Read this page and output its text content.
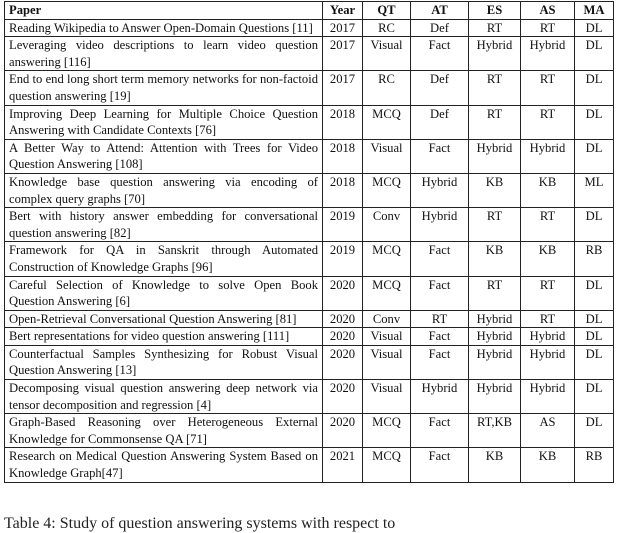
Paper	Year	QT	AT	ES	AS	MA
Reading Wikipedia to Answer Open-Domain Questions [11]	2017	RC	Def	RT	RT	DL
Leveraging video descriptions to learn video question answering [116]	2017	Visual	Fact	Hybrid	Hybrid	DL
End to end long short term memory networks for non-factoid question answering [19]	2017	RC	Def	RT	RT	DL
Improving Deep Learning for Multiple Choice Question Answering with Candidate Contexts [76]	2018	MCQ	Def	RT	RT	DL
A Better Way to Attend: Attention with Trees for Video Question Answering [108]	2018	Visual	Fact	Hybrid	Hybrid	DL
Knowledge base question answering via encoding of complex query graphs [70]	2018	MCQ	Hybrid	KB	KB	ML
Bert with history answer embedding for conversational question answering [82]	2019	Conv	Hybrid	RT	RT	DL
Framework for QA in Sanskrit through Automated Construction of Knowledge Graphs [96]	2019	MCQ	Fact	KB	KB	RB
Careful Selection of Knowledge to solve Open Book Question Answering [6]	2020	MCQ	Fact	RT	RT	DL
Open-Retrieval Conversational Question Answering [81]	2020	Conv	RT	Hybrid	RT	DL
Bert representations for video question answering [111]	2020	Visual	Fact	Hybrid	Hybrid	DL
Counterfactual Samples Synthesizing for Robust Visual Question Answering [13]	2020	Visual	Fact	Hybrid	Hybrid	DL
Decomposing visual question answering deep network via tensor decomposition and regression [4]	2020	Visual	Hybrid	Hybrid	Hybrid	DL
Graph-Based Reasoning over Heterogeneous External Knowledge for Commonsense QA [71]	2020	MCQ	Fact	RT,KB	AS	DL
Research on Medical Question Answering System Based on Knowledge Graph[47]	2021	MCQ	Fact	KB	KB	RB
Table 4: Study of question answering systems with respect to
